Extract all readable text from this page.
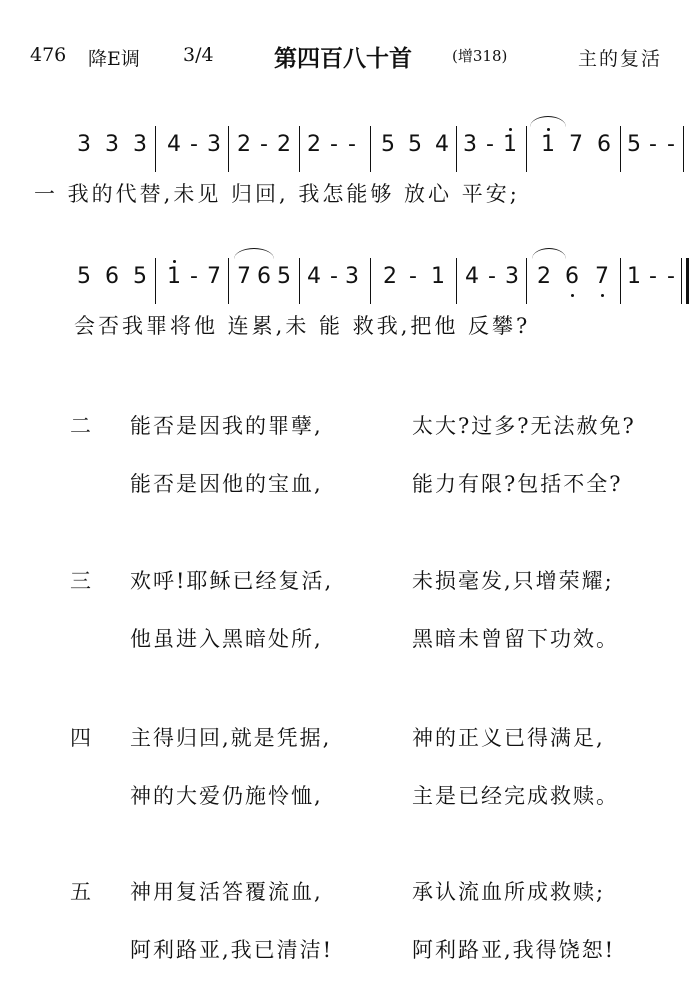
476 降E调 3/4	第四百八十首	(增318)	主的复活
3 3 3 4 - 3 2 - 2 2 - - 5 5 4 3 - 1 1 7 6 5 - -
一 我的代替,未见 归回, 我怎能够 放心 平安;
5 6 5 1 - 7 7 6 5 4 - 3 2 - 1 4 - 3 2 6 7 1 - -
会否我罪将他 连累,未 能 救我,把他 反攀?
二 能否是因我的罪孽,	太大?过多?无法赦免?
能否是因他的宝血,	能力有限?包括不全?
三 欢呼!耶稣已经复活,	未损毫发,只增荣耀;
他虽进入黑暗处所,	黑暗未曾留下功效。
四 主得归回,就是凭据,	神的正义已得满足,
神的大爱仍施怜恤,	主是已经完成救赎。
五 神用复活答覆流血,	承认流血所成救赎;
阿利路亚,我已清洁!	阿利路亚,我得饶恕!
